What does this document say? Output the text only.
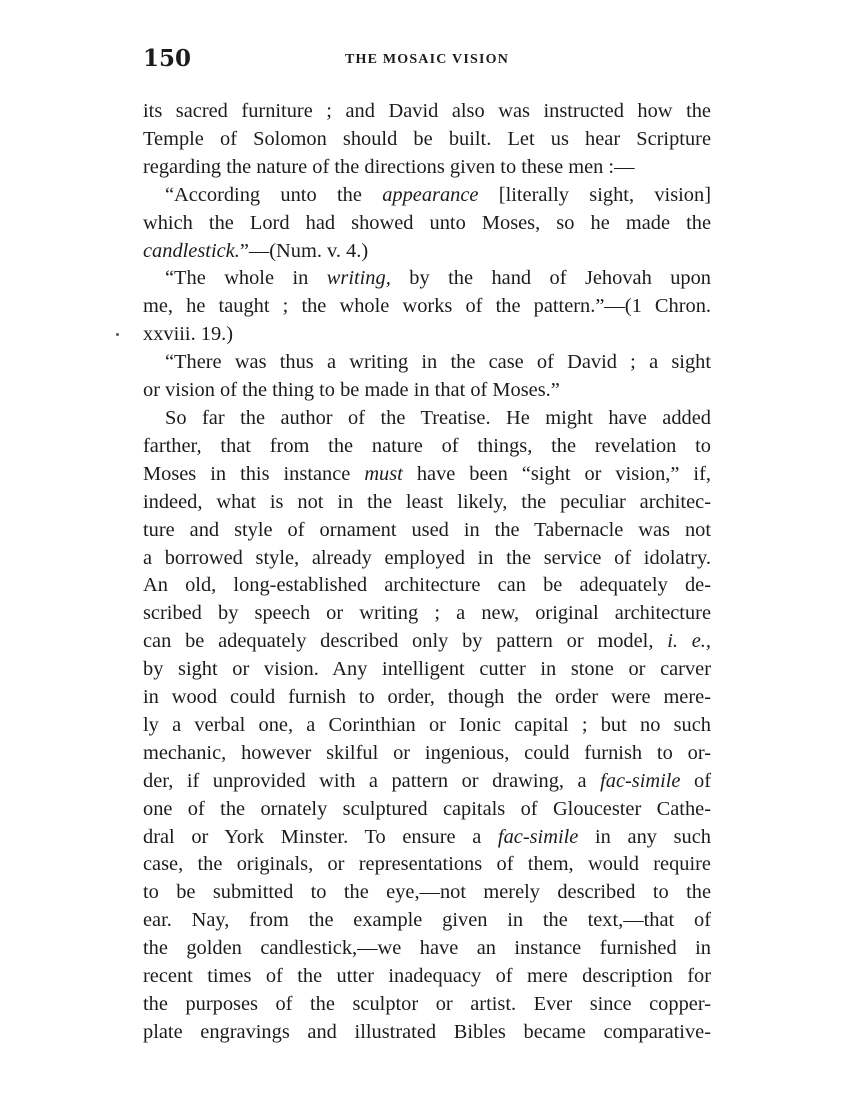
150	THE MOSAIC VISION
its sacred furniture ; and David also was instructed how the
Temple of Solomon should be built. Let us hear Scripture
regarding the nature of the directions given to these men :—
“According unto the appearance [literally sight, vision]
which the Lord had showed unto Moses, so he made the
candlestick.”—(Num. v. 4.)
“The whole in writing, by the hand of Jehovah upon
me, he taught ; the whole works of the pattern.”—(1 Chron.
xxviii. 19.)
“There was thus a writing in the case of David ; a sight
or vision of the thing to be made in that of Moses.”
So far the author of the Treatise. He might have added
farther, that from the nature of things, the revelation to
Moses in this instance must have been “sight or vision,” if,
indeed, what is not in the least likely, the peculiar architec-
ture and style of ornament used in the Tabernacle was not
a borrowed style, already employed in the service of idolatry.
An old, long-established architecture can be adequately de-
scribed by speech or writing ; a new, original architecture
can be adequately described only by pattern or model, i. e.,
by sight or vision. Any intelligent cutter in stone or carver
in wood could furnish to order, though the order were mere-
ly a verbal one, a Corinthian or Ionic capital ; but no such
mechanic, however skilful or ingenious, could furnish to or-
der, if unprovided with a pattern or drawing, a fac-simile of
one of the ornately sculptured capitals of Gloucester Cathe-
dral or York Minster. To ensure a fac-simile in any such
case, the originals, or representations of them, would require
to be submitted to the eye,—not merely described to the
ear. Nay, from the example given in the text,—that of
the golden candlestick,—we have an instance furnished in
recent times of the utter inadequacy of mere description for
the purposes of the sculptor or artist. Ever since copper-
plate engravings and illustrated Bibles became comparative-
